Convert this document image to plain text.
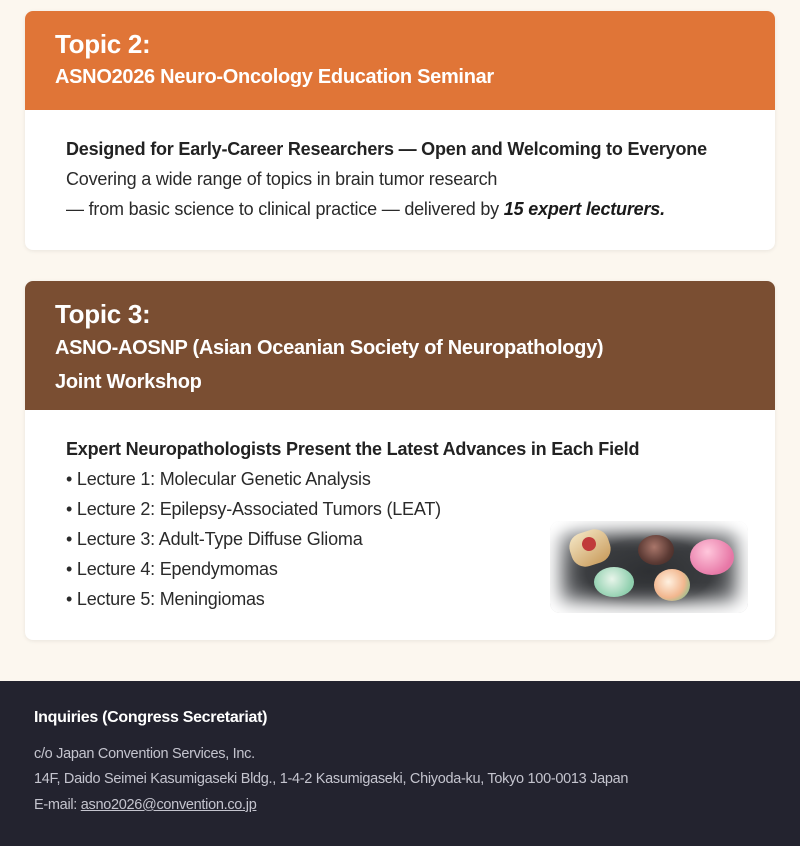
Topic 2:
ASNO2026 Neuro-Oncology Education Seminar
Designed for Early-Career Researchers — Open and Welcoming to Everyone
Covering a wide range of topics in brain tumor research
— from basic science to clinical practice — delivered by 15 expert lecturers.
Topic 3:
ASNO-AOSNP (Asian Oceanian Society of Neuropathology)
Joint Workshop
Expert Neuropathologists Present the Latest Advances in Each Field
• Lecture 1: Molecular Genetic Analysis
• Lecture 2: Epilepsy-Associated Tumors (LEAT)
• Lecture 3: Adult-Type Diffuse Glioma
• Lecture 4: Ependymomas
• Lecture 5: Meningiomas
Inquiries (Congress Secretariat)
c/o Japan Convention Services, Inc.
14F, Daido Seimei Kasumigaseki Bldg., 1-4-2 Kasumigaseki, Chiyoda-ku, Tokyo 100-0013 Japan
E-mail: asno2026@convention.co.jp
